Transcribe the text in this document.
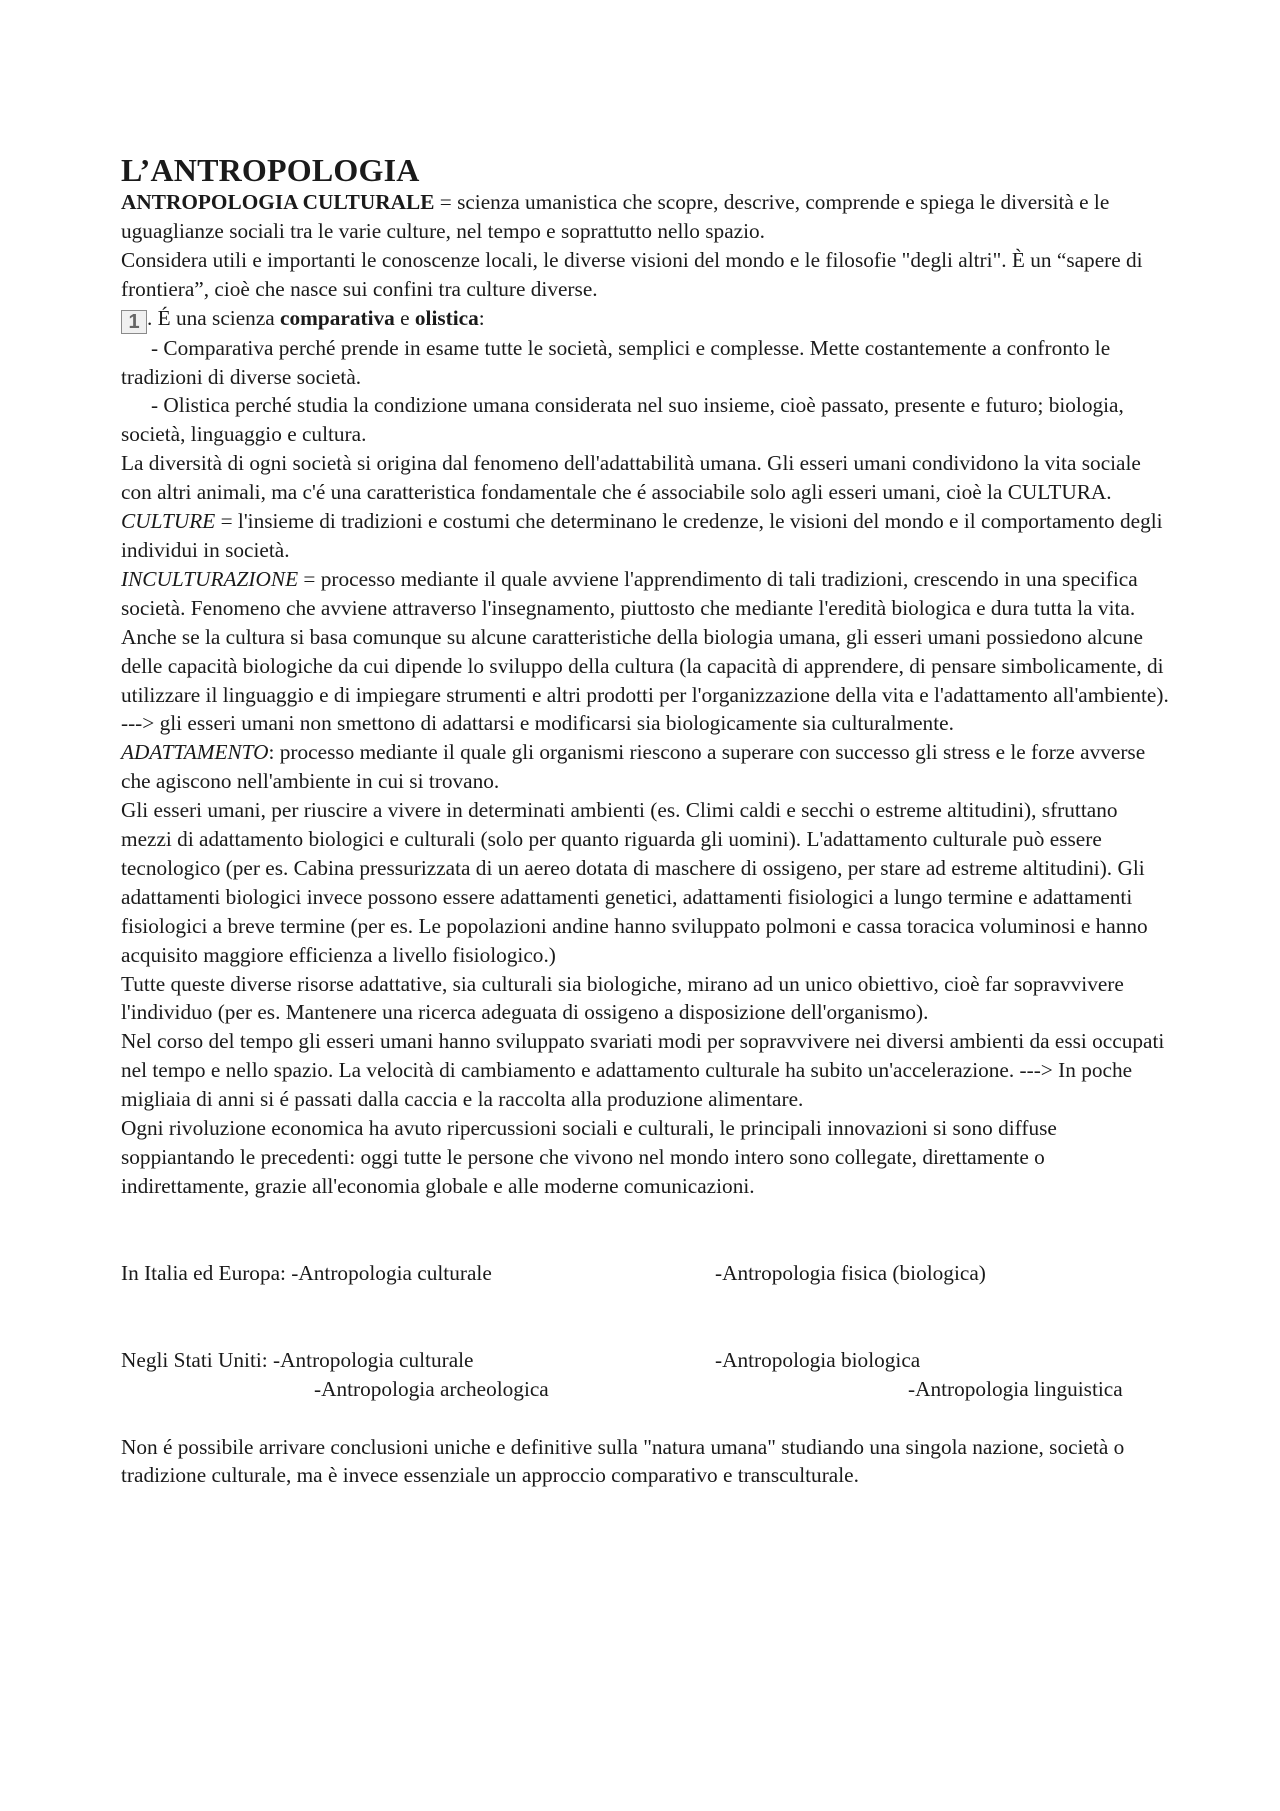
L’ANTROPOLOGIA

ANTROPOLOGIA CULTURALE = scienza umanistica che scopre, descrive, comprende e spiega le diversità e le uguaglianze sociali tra le varie culture, nel tempo e soprattutto nello spazio.

Considera utili e importanti le conoscenze locali, le diverse visioni del mondo e le filosofie "degli altri". È un “sapere di frontiera”, cioè che nasce sui confini tra culture diverse.

1 . É una scienza comparativa e olistica:

- Comparativa perché prende in esame tutte le società, semplici e complesse. Mette costantemente a confronto le tradizioni di diverse società.

- Olistica perché studia la condizione umana considerata nel suo insieme, cioè passato, presente e futuro; biologia, società, linguaggio e cultura.

La diversità di ogni società si origina dal fenomeno dell'adattabilità umana. Gli esseri umani condividono la vita sociale con altri animali, ma c'é una caratteristica fondamentale che é associabile solo agli esseri umani, cioè la CULTURA.

CULTURE = l'insieme di tradizioni e costumi che determinano le credenze, le visioni del mondo e il comportamento degli individui in società.

INCULTURAZIONE = processo mediante il quale avviene l'apprendimento di tali tradizioni, crescendo in una specifica società. Fenomeno che avviene attraverso l'insegnamento, piuttosto che mediante l'eredità biologica e dura tutta la vita. Anche se la cultura si basa comunque su alcune caratteristiche della biologia umana, gli esseri umani possiedono alcune delle capacità biologiche da cui dipende lo sviluppo della cultura (la capacità di apprendere, di pensare simbolicamente, di utilizzare il linguaggio e di impiegare strumenti e altri prodotti per l'organizzazione della vita e l'adattamento all'ambiente). ---> gli esseri umani non smettono di adattarsi e modificarsi sia biologicamente sia culturalmente.

ADATTAMENTO: processo mediante il quale gli organismi riescono a superare con successo gli stress e le forze avverse che agiscono nell'ambiente in cui si trovano.

Gli esseri umani, per riuscire a vivere in determinati ambienti (es. Climi caldi e secchi o estreme altitudini), sfruttano mezzi di adattamento biologici e culturali (solo per quanto riguarda gli uomini). L'adattamento culturale può essere tecnologico (per es. Cabina pressurizzata di un aereo dotata di maschere di ossigeno, per stare ad estreme altitudini). Gli adattamenti biologici invece possono essere adattamenti genetici, adattamenti fisiologici a lungo termine e adattamenti fisiologici a breve termine (per es. Le popolazioni andine hanno sviluppato polmoni e cassa toracica voluminosi e hanno acquisito maggiore efficienza a livello fisiologico.)

Tutte queste diverse risorse adattative, sia culturali sia biologiche, mirano ad un unico obiettivo, cioè far sopravvivere l'individuo (per es. Mantenere una ricerca adeguata di ossigeno a disposizione dell'organismo).

Nel corso del tempo gli esseri umani hanno sviluppato svariati modi per sopravvivere nei diversi ambienti da essi occupati nel tempo e nello spazio. La velocità di cambiamento e adattamento culturale ha subito un'accelerazione. ---> In poche migliaia di anni si é passati dalla caccia e la raccolta alla produzione alimentare.

Ogni rivoluzione economica ha avuto ripercussioni sociali e culturali, le principali innovazioni si sono diffuse soppiantando le precedenti: oggi tutte le persone che vivono nel mondo intero sono collegate, direttamente o indirettamente, grazie all'economia globale e alle moderne comunicazioni.

In Italia ed Europa: -Antropologia culturale	-Antropologia fisica (biologica)
Negli Stati Uniti: -Antropologia culturale	-Antropologia biologica
-Antropologia archeologica	-Antropologia linguistica

Non é possibile arrivare conclusioni uniche e definitive sulla "natura umana" studiando una singola nazione, società o tradizione culturale, ma è invece essenziale un approccio comparativo e transculturale.
